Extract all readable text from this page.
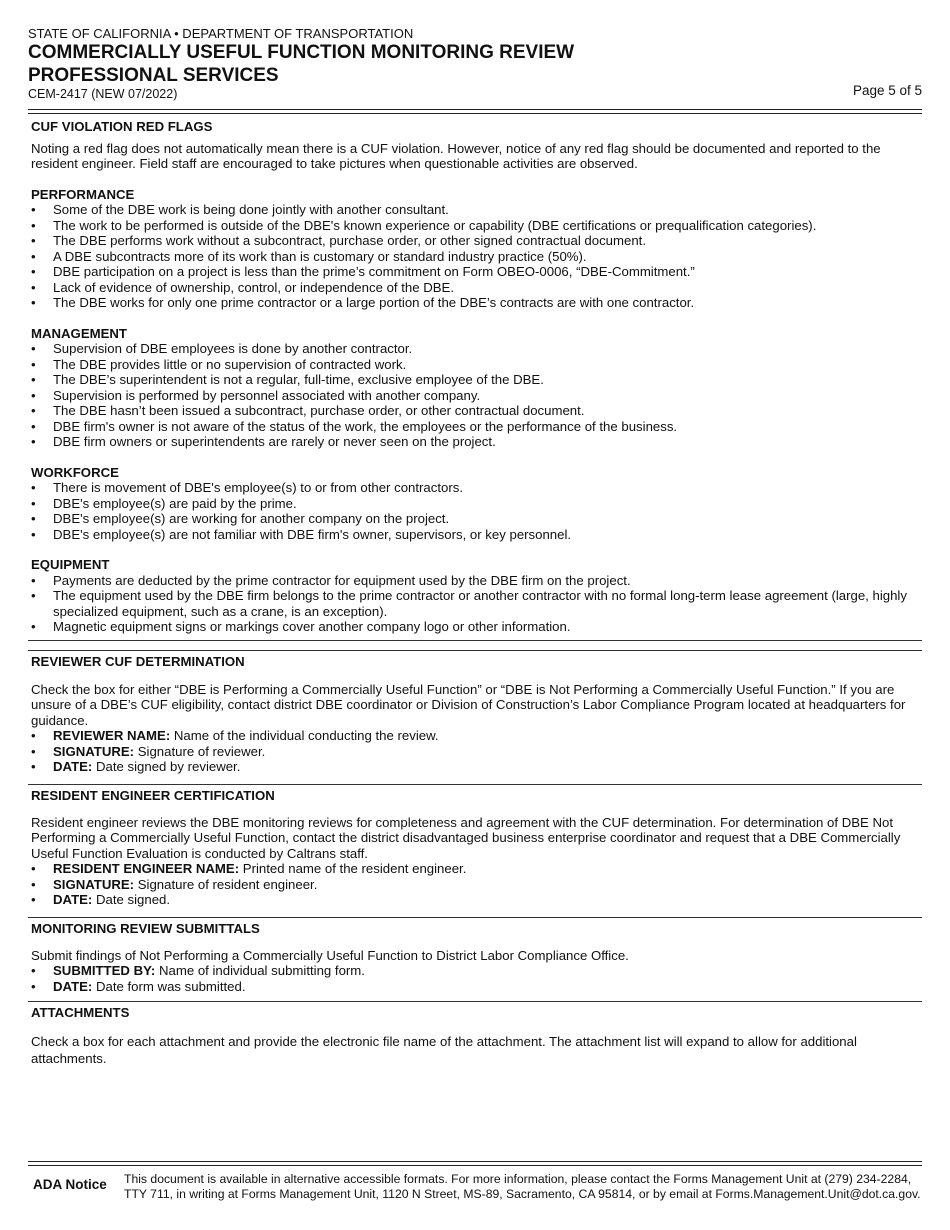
STATE OF CALIFORNIA • DEPARTMENT OF TRANSPORTATION
COMMERCIALLY USEFUL FUNCTION MONITORING REVIEW
PROFESSIONAL SERVICES
CEM-2417 (NEW 07/2022)	Page 5 of 5
CUF VIOLATION RED FLAGS

Noting a red flag does not automatically mean there is a CUF violation. However, notice of any red flag should be documented and reported to the resident engineer. Field staff are encouraged to take pictures when questionable activities are observed.

PERFORMANCE
• Some of the DBE work is being done jointly with another consultant.
• The work to be performed is outside of the DBE's known experience or capability (DBE certifications or prequalification categories).
• The DBE performs work without a subcontract, purchase order, or other signed contractual document.
• A DBE subcontracts more of its work than is customary or standard industry practice (50%).
• DBE participation on a project is less than the prime’s commitment on Form OBEO-0006, “DBE-Commitment.”
• Lack of evidence of ownership, control, or independence of the DBE.
• The DBE works for only one prime contractor or a large portion of the DBE’s contracts are with one contractor.
MANAGEMENT
• Supervision of DBE employees is done by another contractor.
• The DBE provides little or no supervision of contracted work.
• The DBE’s superintendent is not a regular, full-time, exclusive employee of the DBE.
• Supervision is performed by personnel associated with another company.
• The DBE hasn’t been issued a subcontract, purchase order, or other contractual document.
• DBE firm's owner is not aware of the status of the work, the employees or the performance of the business.
• DBE firm owners or superintendents are rarely or never seen on the project.
WORKFORCE
• There is movement of DBE's employee(s) to or from other contractors.
• DBE's employee(s) are paid by the prime.
• DBE's employee(s) are working for another company on the project.
• DBE's employee(s) are not familiar with DBE firm's owner, supervisors, or key personnel.
EQUIPMENT
• Payments are deducted by the prime contractor for equipment used by the DBE firm on the project.
• The equipment used by the DBE firm belongs to the prime contractor or another contractor with no formal long-term lease agreement (large, highly specialized equipment, such as a crane, is an exception).
• Magnetic equipment signs or markings cover another company logo or other information.
REVIEWER CUF DETERMINATION

Check the box for either “DBE is Performing a Commercially Useful Function” or “DBE is Not Performing a Commercially Useful Function.” If you are unsure of a DBE’s CUF eligibility, contact district DBE coordinator or Division of Construction’s Labor Compliance Program located at headquarters for guidance.

• REVIEWER NAME: Name of the individual conducting the review.
• SIGNATURE: Signature of reviewer.
• DATE: Date signed by reviewer.
RESIDENT ENGINEER CERTIFICATION

Resident engineer reviews the DBE monitoring reviews for completeness and agreement with the CUF determination. For determination of DBE Not Performing a Commercially Useful Function, contact the district disadvantaged business enterprise coordinator and request that a DBE Commercially Useful Function Evaluation is conducted by Caltrans staff.

• RESIDENT ENGINEER NAME: Printed name of the resident engineer.
• SIGNATURE: Signature of resident engineer.
• DATE: Date signed.
MONITORING REVIEW SUBMITTALS

Submit findings of Not Performing a Commercially Useful Function to District Labor Compliance Office.

• SUBMITTED BY: Name of individual submitting form.
• DATE: Date form was submitted.
ATTACHMENTS

Check a box for each attachment and provide the electronic file name of the attachment. The attachment list will expand to allow for additional attachments.

ADA Notice This document is available in alternative accessible formats. For more information, please contact the Forms Management Unit at (279) 234-2284, TTY 711, in writing at Forms Management Unit, 1120 N Street, MS-89, Sacramento, CA 95814, or by email at Forms.Management.Unit@dot.ca.gov.
